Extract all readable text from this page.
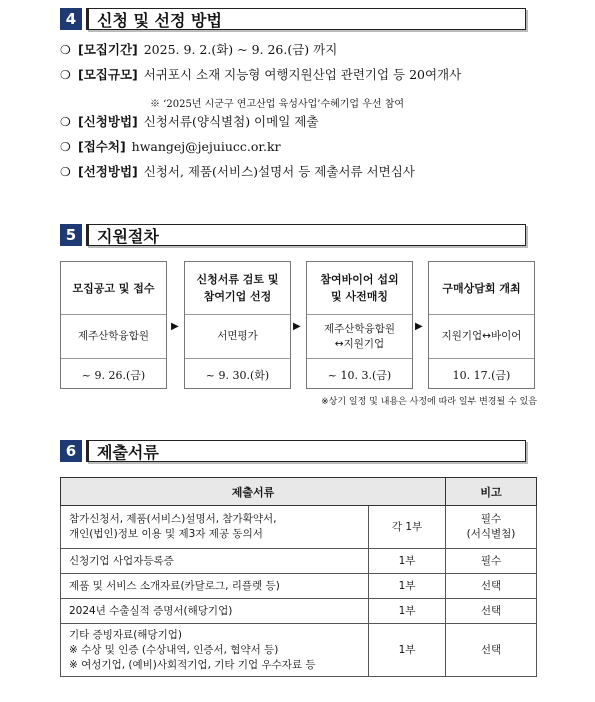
4	신청 및 선정 방법
❍ [모집기간] 2025. 9. 2.(화) ~ 9. 26.(금) 까지
❍ [모집규모] 서귀포시 소재 지능형 여행지원산업 관련기업 등 20여개사
❍ [신청방법] 신청서류(양식별첨) 이메일 제출
❍ [접수처] hwangej@jejuiucc.or.kr
❍ [선정방법] 신청서, 제품(서비스)설명서 등 제출서류 서면심사
※ ‘2025년 시군구 연고산업 육성사업’수혜기업 우선 참여
5	지원절차
모집공고 및 접수
제주산학융합원
~ 9. 26.(금)
▶
신청서류 검토 및
참여기업 선정
서면평가
~ 9. 30.(화)
▶
참여바이어 섭외
및 사전매칭
제주산학융합원
↔지원기업
~ 10. 3.(금)
▶
구매상담회 개최
지원기업↔바이어
10. 17.(금)
※상기 일정 및 내용은 사정에 따라 일부 변경될 수 있음
6	제출서류
제출서류		비고
참가신청서, 제품(서비스)설명서, 참가확약서,
개인(법인)정보 이용 및 제3자 제공 동의서	각 1부	필수
(서식별첨)
신청기업 사업자등록증	1부	필수
제품 및 서비스 소개자료(카달로그, 리플렛 등)	1부	선택
2024년 수출실적 증명서(해당기업)	1부	선택
기타 증빙자료(해당기업)
※ 수상 및 인증 (수상내역, 인증서, 협약서 등)
※ 여성기업, (예비)사회적기업, 기타 기업 우수자료 등	1부	선택
